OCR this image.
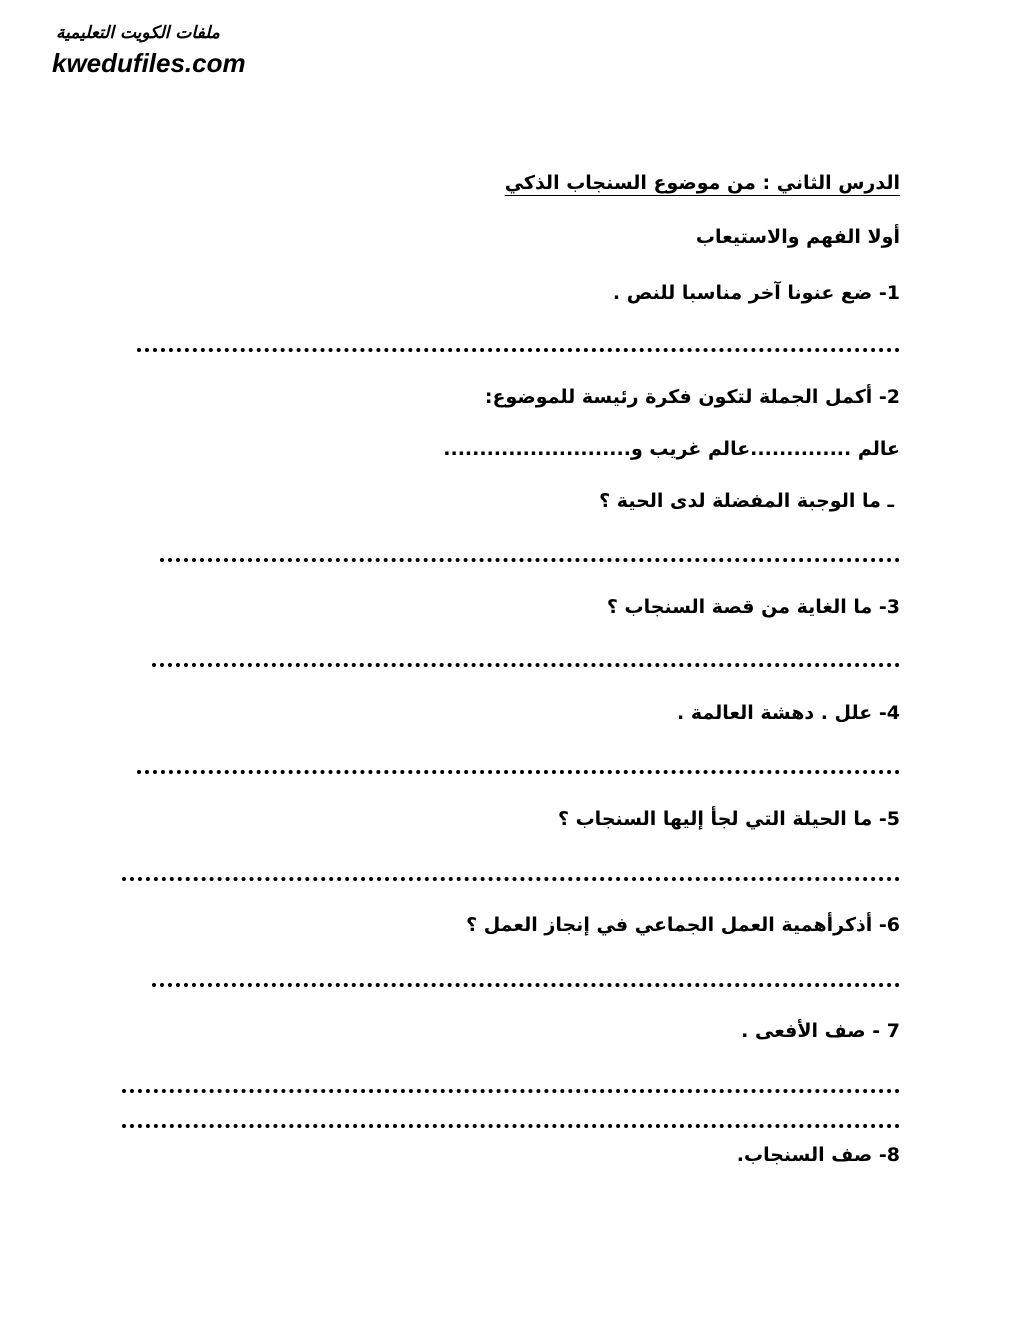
ملفات الكويت التعليمية
kwedufiles.com
الدرس الثاني : من موضوع السنجاب الذكي
أولا الفهم والاستيعاب
1- ضع عنونا آخر مناسبا للنص .
2- أكمل الجملة لتكون فكرة رئيسة للموضوع:
عالم ..............عالم غريب و..........................
ـ ما الوجبة المفضلة لدى الحية ؟
3- ما الغاية من قصة السنجاب ؟
4- علل . دهشة العالمة .
5- ما الحيلة التي لجأ إليها السنجاب ؟
6- أذكرأهمية العمل الجماعي في إنجاز العمل ؟
7 - صف الأفعى .
8- صف السنجاب.
